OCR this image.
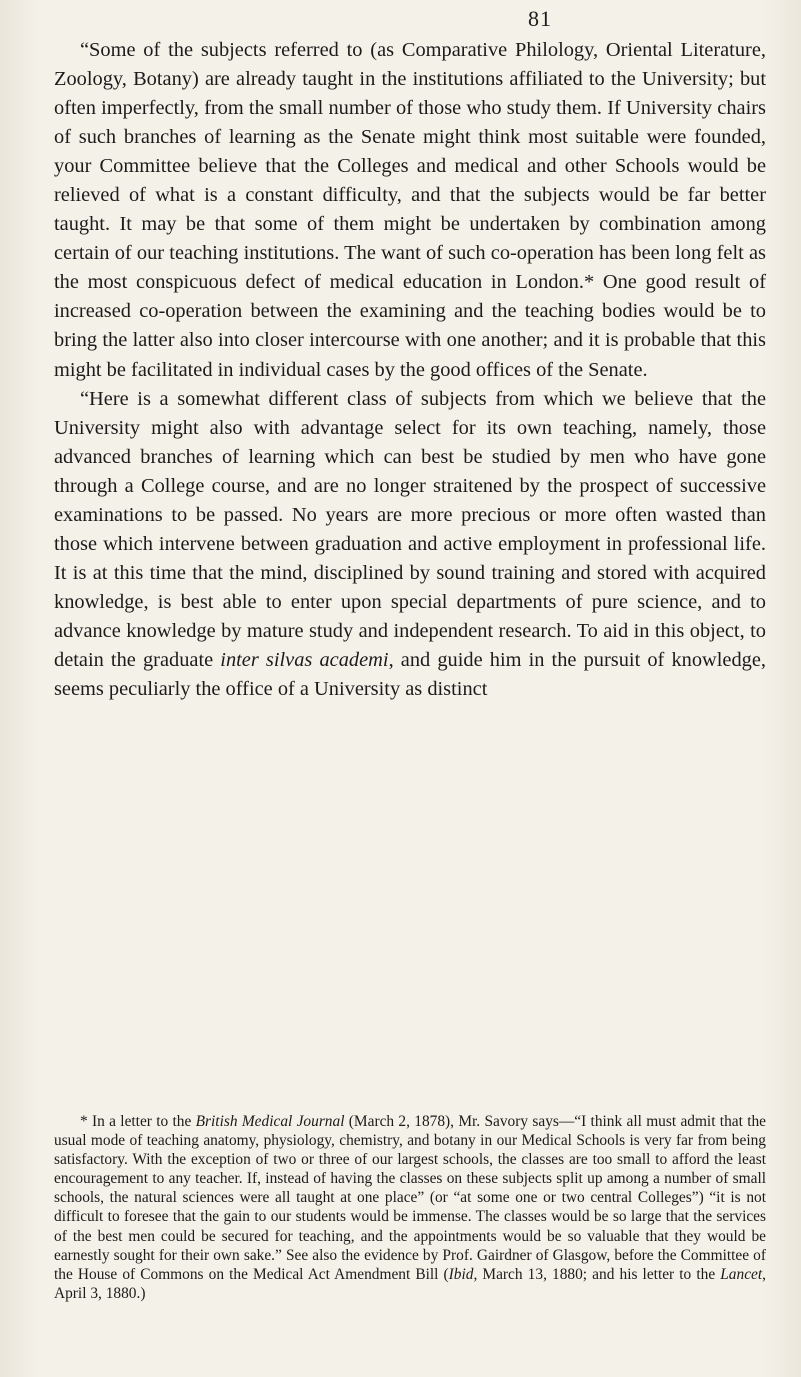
81

“Some of the subjects referred to (as Comparative Philology, Oriental Literature, Zoology, Botany) are already taught in the institutions affiliated to the University; but often imperfectly, from the small number of those who study them. If University chairs of such branches of learning as the Senate might think most suitable were founded, your Committee believe that the Colleges and medical and other Schools would be relieved of what is a constant difficulty, and that the subjects would be far better taught. It may be that some of them might be undertaken by combination among certain of our teaching institutions. The want of such co-operation has been long felt as the most conspicuous defect of medical education in London.* One good result of increased co-operation between the examining and the teaching bodies would be to bring the latter also into closer intercourse with one another; and it is probable that this might be facilitated in individual cases by the good offices of the Senate.

“Here is a somewhat different class of subjects from which we believe that the University might also with advantage select for its own teaching, namely, those advanced branches of learning which can best be studied by men who have gone through a College course, and are no longer straitened by the prospect of successive examinations to be passed. No years are more precious or more often wasted than those which intervene between graduation and active employment in professional life. It is at this time that the mind, disciplined by sound training and stored with acquired knowledge, is best able to enter upon special departments of pure science, and to advance knowledge by mature study and independent research. To aid in this object, to detain the graduate inter silvas academi, and guide him in the pursuit of knowledge, seems peculiarly the office of a University as distinct

* In a letter to the British Medical Journal (March 2, 1878), Mr. Savory says—“I think all must admit that the usual mode of teaching anatomy, physiology, chemistry, and botany in our Medical Schools is very far from being satisfactory. With the exception of two or three of our largest schools, the classes are too small to afford the least encouragement to any teacher. If, instead of having the classes on these subjects split up among a number of small schools, the natural sciences were all taught at one place” (or “at some one or two central Colleges”) “it is not difficult to foresee that the gain to our students would be immense. The classes would be so large that the services of the best men could be secured for teaching, and the appointments would be so valuable that they would be earnestly sought for their own sake.” See also the evidence by Prof. Gairdner of Glasgow, before the Committee of the House of Commons on the Medical Act Amendment Bill (Ibid, March 13, 1880; and his letter to the Lancet, April 3, 1880.)
